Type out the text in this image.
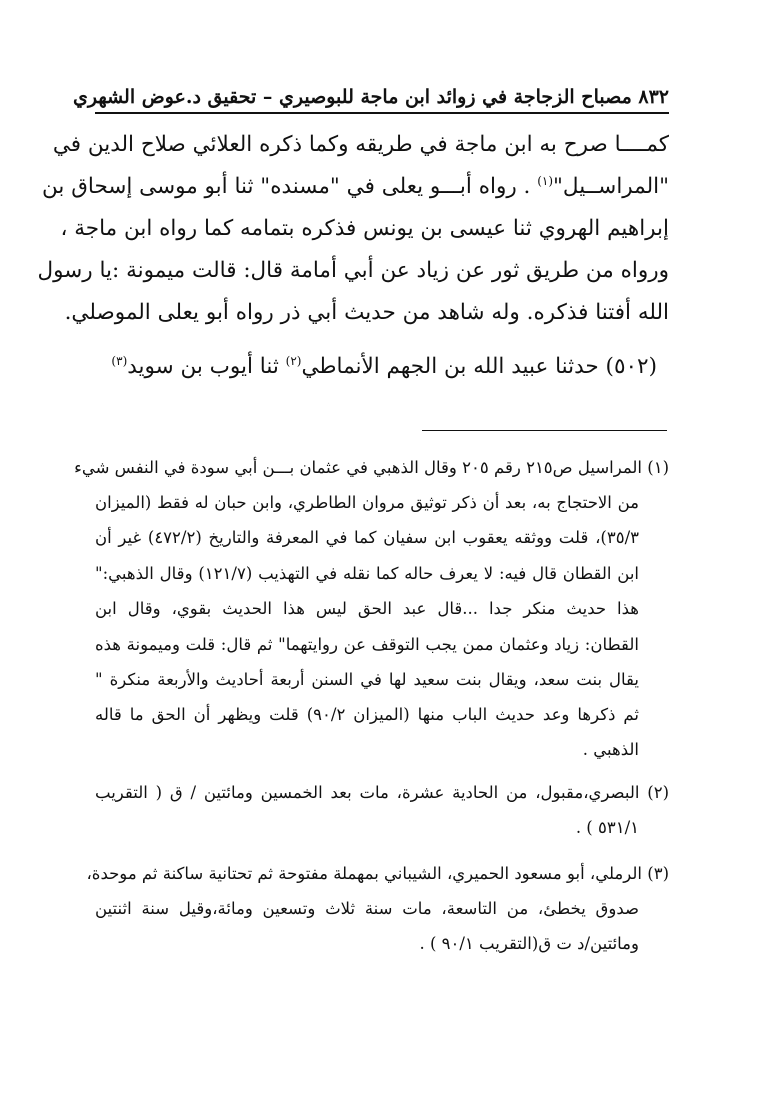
٨٣٢ مصباح الزجاجة في زوائد ابن ماجة للبوصيري – تحقيق د.عوض الشهري
كمــــا صرح به ابن ماجة في طريقه وكما ذكره العلائي صلاح الدين في
"المراســيل"$^{(١)}$ . رواه أبـــو يعلى في "مسنده" ثنا أبو موسى إسحاق بن
إبراهيم الهروي ثنا عيسى بن يونس فذكره بتمامه كما رواه ابن ماجة ،
ورواه من طريق ثور عن زياد عن أبي أمامة قال: قالت ميمونة :يا رسول
الله أفتنا فذكره. وله شاهد من حديث أبي ذر رواه أبو يعلى الموصلي.
(٥٠٢) حدثنا عبيد الله بن الجهم الأنماطي$^{(٢)}$ ثنا أيوب بن سويد$^{(٣)}$
(١) المراسيل ص٢١٥ رقم ٢٠٥ وقال الذهبي في عثمان بـــن أبي سودة في النفس شيء
من الاحتجاج به، بعد أن ذكر توثيق مروان الطاطري، وابن حبان له فقط (الميزان
٣٥/٣)، قلت ووثقه يعقوب ابن سفيان كما في المعرفة والتاريخ (٤٧٢/٢) غير أن
ابن القطان قال فيه: لا يعرف حاله كما نقله في التهذيب (١٢١/٧) وقال الذهبي:"
هذا حديث منكر جدا ...قال عبد الحق ليس هذا الحديث بقوي، وقال ابن
القطان: زياد وعثمان ممن يجب التوقف عن روايتهما" ثم قال: قلت وميمونة هذه
يقال بنت سعد، ويقال بنت سعيد لها في السنن أربعة أحاديث والأربعة منكرة "
ثم ذكرها وعد حديث الباب منها (الميزان ٩٠/٢) قلت ويظهر أن الحق ما قاله
الذهبي .
(٢) البصري،مقبول، من الحادية عشرة، مات بعد الخمسين ومائتين / ق ( التقريب
٥٣١/١ ) .
(٣) الرملي، أبو مسعود الحميري، الشيباني بمهملة مفتوحة ثم تحتانية ساكنة ثم موحدة،
صدوق يخطئ، من التاسعة، مات سنة ثلاث وتسعين ومائة،وقيل سنة اثنتين
ومائتين/د ت ق(التقريب ٩٠/١ ) .
